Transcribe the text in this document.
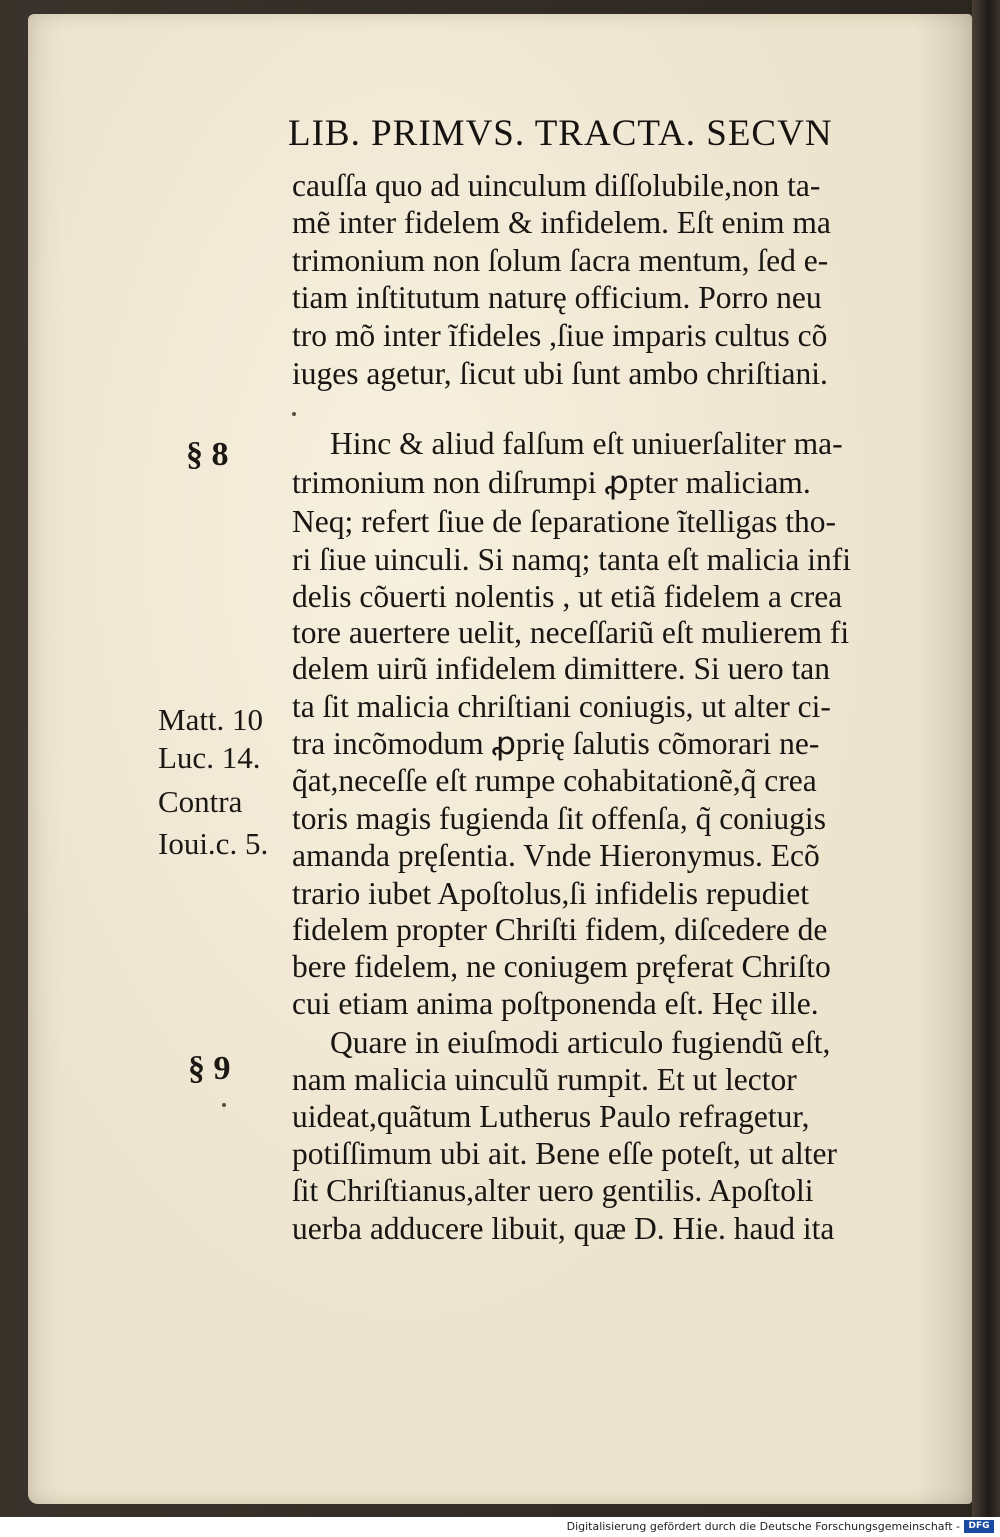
LIB. PRIMVS. TRACTA. SECVN
cauſſa quo ad uinculum diſſolubile,non ta-
mẽ inter fidelem & infidelem. Eſt enim ma
trimonium non ſolum ſacra mentum, ſed e-
tiam inſtitutum naturę officium. Porro neu
tro mõ inter ĩfideles ,ſiue imparis cultus cõ
iuges agetur, ſicut ubi ſunt ambo chriſtiani.
Hinc & aliud falſum eſt uniuerſaliter ma-
trimonium non diſrumpi ꝓpter maliciam.
Neq; refert ſiue de ſeparatione ĩtelligas tho-
ri ſiue uinculi. Si namq; tanta eſt malicia infi
delis cõuerti nolentis , ut etiã fidelem a crea
tore auertere uelit, neceſſariũ eſt mulierem fi
delem uirũ infidelem dimittere. Si uero tan
ta ſit malicia chriſtiani coniugis, ut alter ci-
tra incõmodum ꝓprię ſalutis cõmorari ne-
q̃at,neceſſe eſt rumpe cohabitationẽ,q̃ crea
toris magis fugienda ſit offenſa, q̃ coniugis
amanda pręſentia. Vnde Hieronymus. Ecõ
trario iubet Apoſtolus,ſi infidelis repudiet
fidelem propter Chriſti fidem, diſcedere de
bere fidelem, ne coniugem pręferat Chriſto
cui etiam anima poſtponenda eſt. Hęc ille.
Quare in eiuſmodi articulo fugiendũ eſt,
nam malicia uinculũ rumpit. Et ut lector
uideat,quãtum Lutherus Paulo refragetur,
potiſſimum ubi ait. Bene eſſe poteſt, ut alter
ſit Chriſtianus,alter uero gentilis. Apoſtoli
uerba adducere libuit, quæ D. Hie. haud ita
§ 8
Matt. 10
Luc. 14.
Contra
Ioui.c. 5.
§ 9
Digitalisierung gefördert durch die Deutsche Forschungsgemeinschaft - DFG
